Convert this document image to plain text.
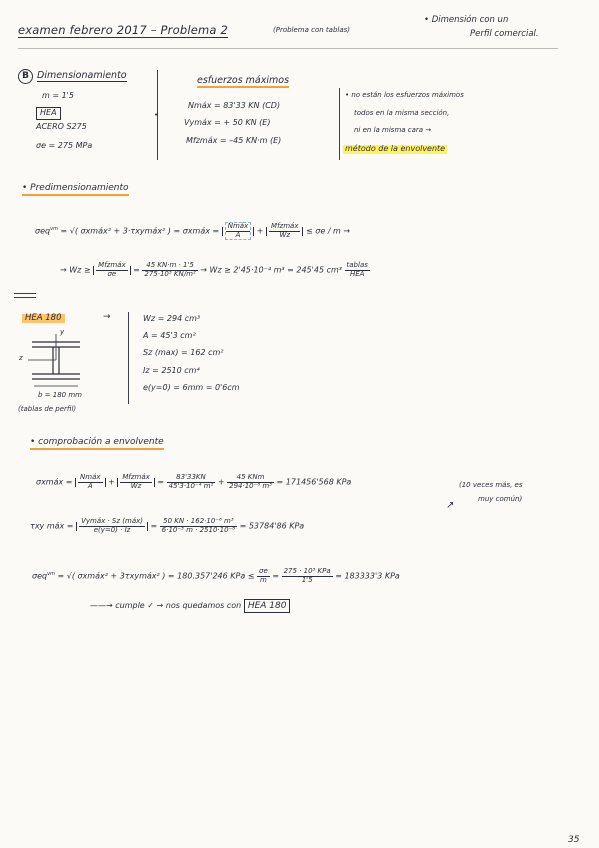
examen febrero 2017 – Problema 2	(Problema con tablas)
• Dimensión con un
Perfil comercial.
B Dimensionamiento
m = 1'5
HEA
ACERO S275
σe = 275 MPa
•
esfuerzos máximos
Nmáx = 83'33 KN (CD)
Vymáx = + 50 KN (E)
Mfzmáx = –45 KN·m (E)
• no están los esfuerzos máximos
todos en la misma sección,
ni en la misma cara →
método de la envolvente
• Predimensionamiento
σeq$^{vm}$ = √( σxmáx² + 3·τxymáx² ) = σxmáx = $\frac{\text{Nmáx}}{A} + \frac{\text{Mfzmáx}}{Wz} \le \sigma e / m$ →
→ $Wz \ge \frac{\text{Mfzmáx}}{\sigma e} = \frac{45 KN\cdot m \cdot 1'5}{\text{275·10³ KN/m²}} \to Wz \ge 2'45\cdot 10^{-4}$ m³ = 245'45 $cm^3 \frac{\text{tablas}}{\text{HEA}}$
HEA 180	→	Wz = 294 cm³
A = 45'3 cm²
Sz (max) = 162 cm²
Iz = 2510 cm⁴
e(y=0) = 6mm = 0'6cm
y
z
b = 180 mm
(tablas de perfil)
• comprobación a envolvente
σxmáx = $\frac{\text{Nmáx}}{A} + \frac{\text{Mfzmáx}}{Wz} = \frac{83'33KN}{\text{45'3·10⁻⁴ m²}} + \frac{\text{45 KNm}}{\text{294·10⁻⁶ m³}} = 171456'568$ KPa	(10 veces más, es
muy común)
↗
τxy máx = $\frac{\text{Vymáx · Sz (máx)}}{e(y=0) \cdot Iz} = \frac{\text{50 KN · 162·10⁻⁶ m³}}{\text{6·10⁻³ m · 2510·10⁻⁸}} = 53784'86$ KPa
σeq$^{vm}$ = √( σxmáx² + 3τxymáx² ) = 180.357'246 KPa ≤ $\frac{\sigma e}{m} = \frac{\text{275 · 10³ KPa}}{1'5} = 183333'3$ KPa
——→ cumple ✓ → nos quedamos con HEA 180
35
